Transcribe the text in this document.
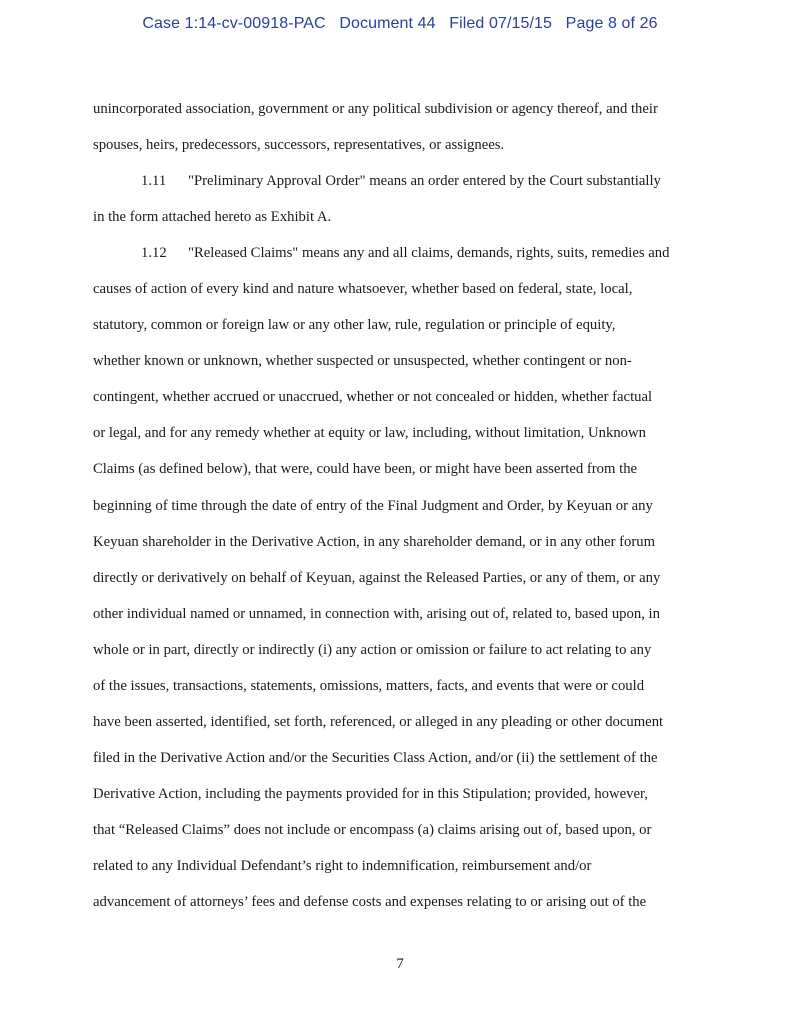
Case 1:14-cv-00918-PAC   Document 44   Filed 07/15/15   Page 8 of 26
unincorporated association, government or any political subdivision or agency thereof, and their
spouses, heirs, predecessors, successors, representatives, or assignees.
1.11 "Preliminary Approval Order" means an order entered by the Court substantially
in the form attached hereto as Exhibit A.
1.12 "Released Claims" means any and all claims, demands, rights, suits, remedies and
causes of action of every kind and nature whatsoever, whether based on federal, state, local,
statutory, common or foreign law or any other law, rule, regulation or principle of equity,
whether known or unknown, whether suspected or unsuspected, whether contingent or non-
contingent, whether accrued or unaccrued, whether or not concealed or hidden, whether factual
or legal, and for any remedy whether at equity or law, including, without limitation, Unknown
Claims (as defined below), that were, could have been, or might have been asserted from the
beginning of time through the date of entry of the Final Judgment and Order, by Keyuan or any
Keyuan shareholder in the Derivative Action, in any shareholder demand, or in any other forum
directly or derivatively on behalf of Keyuan, against the Released Parties, or any of them, or any
other individual named or unnamed, in connection with, arising out of, related to, based upon, in
whole or in part, directly or indirectly (i) any action or omission or failure to act relating to any
of the issues, transactions, statements, omissions, matters, facts, and events that were or could
have been asserted, identified, set forth, referenced, or alleged in any pleading or other document
filed in the Derivative Action and/or the Securities Class Action, and/or (ii) the settlement of the
Derivative Action, including the payments provided for in this Stipulation; provided, however,
that “Released Claims” does not include or encompass (a) claims arising out of, based upon, or
related to any Individual Defendant’s right to indemnification, reimbursement and/or
advancement of attorneys’ fees and defense costs and expenses relating to or arising out of the
7
